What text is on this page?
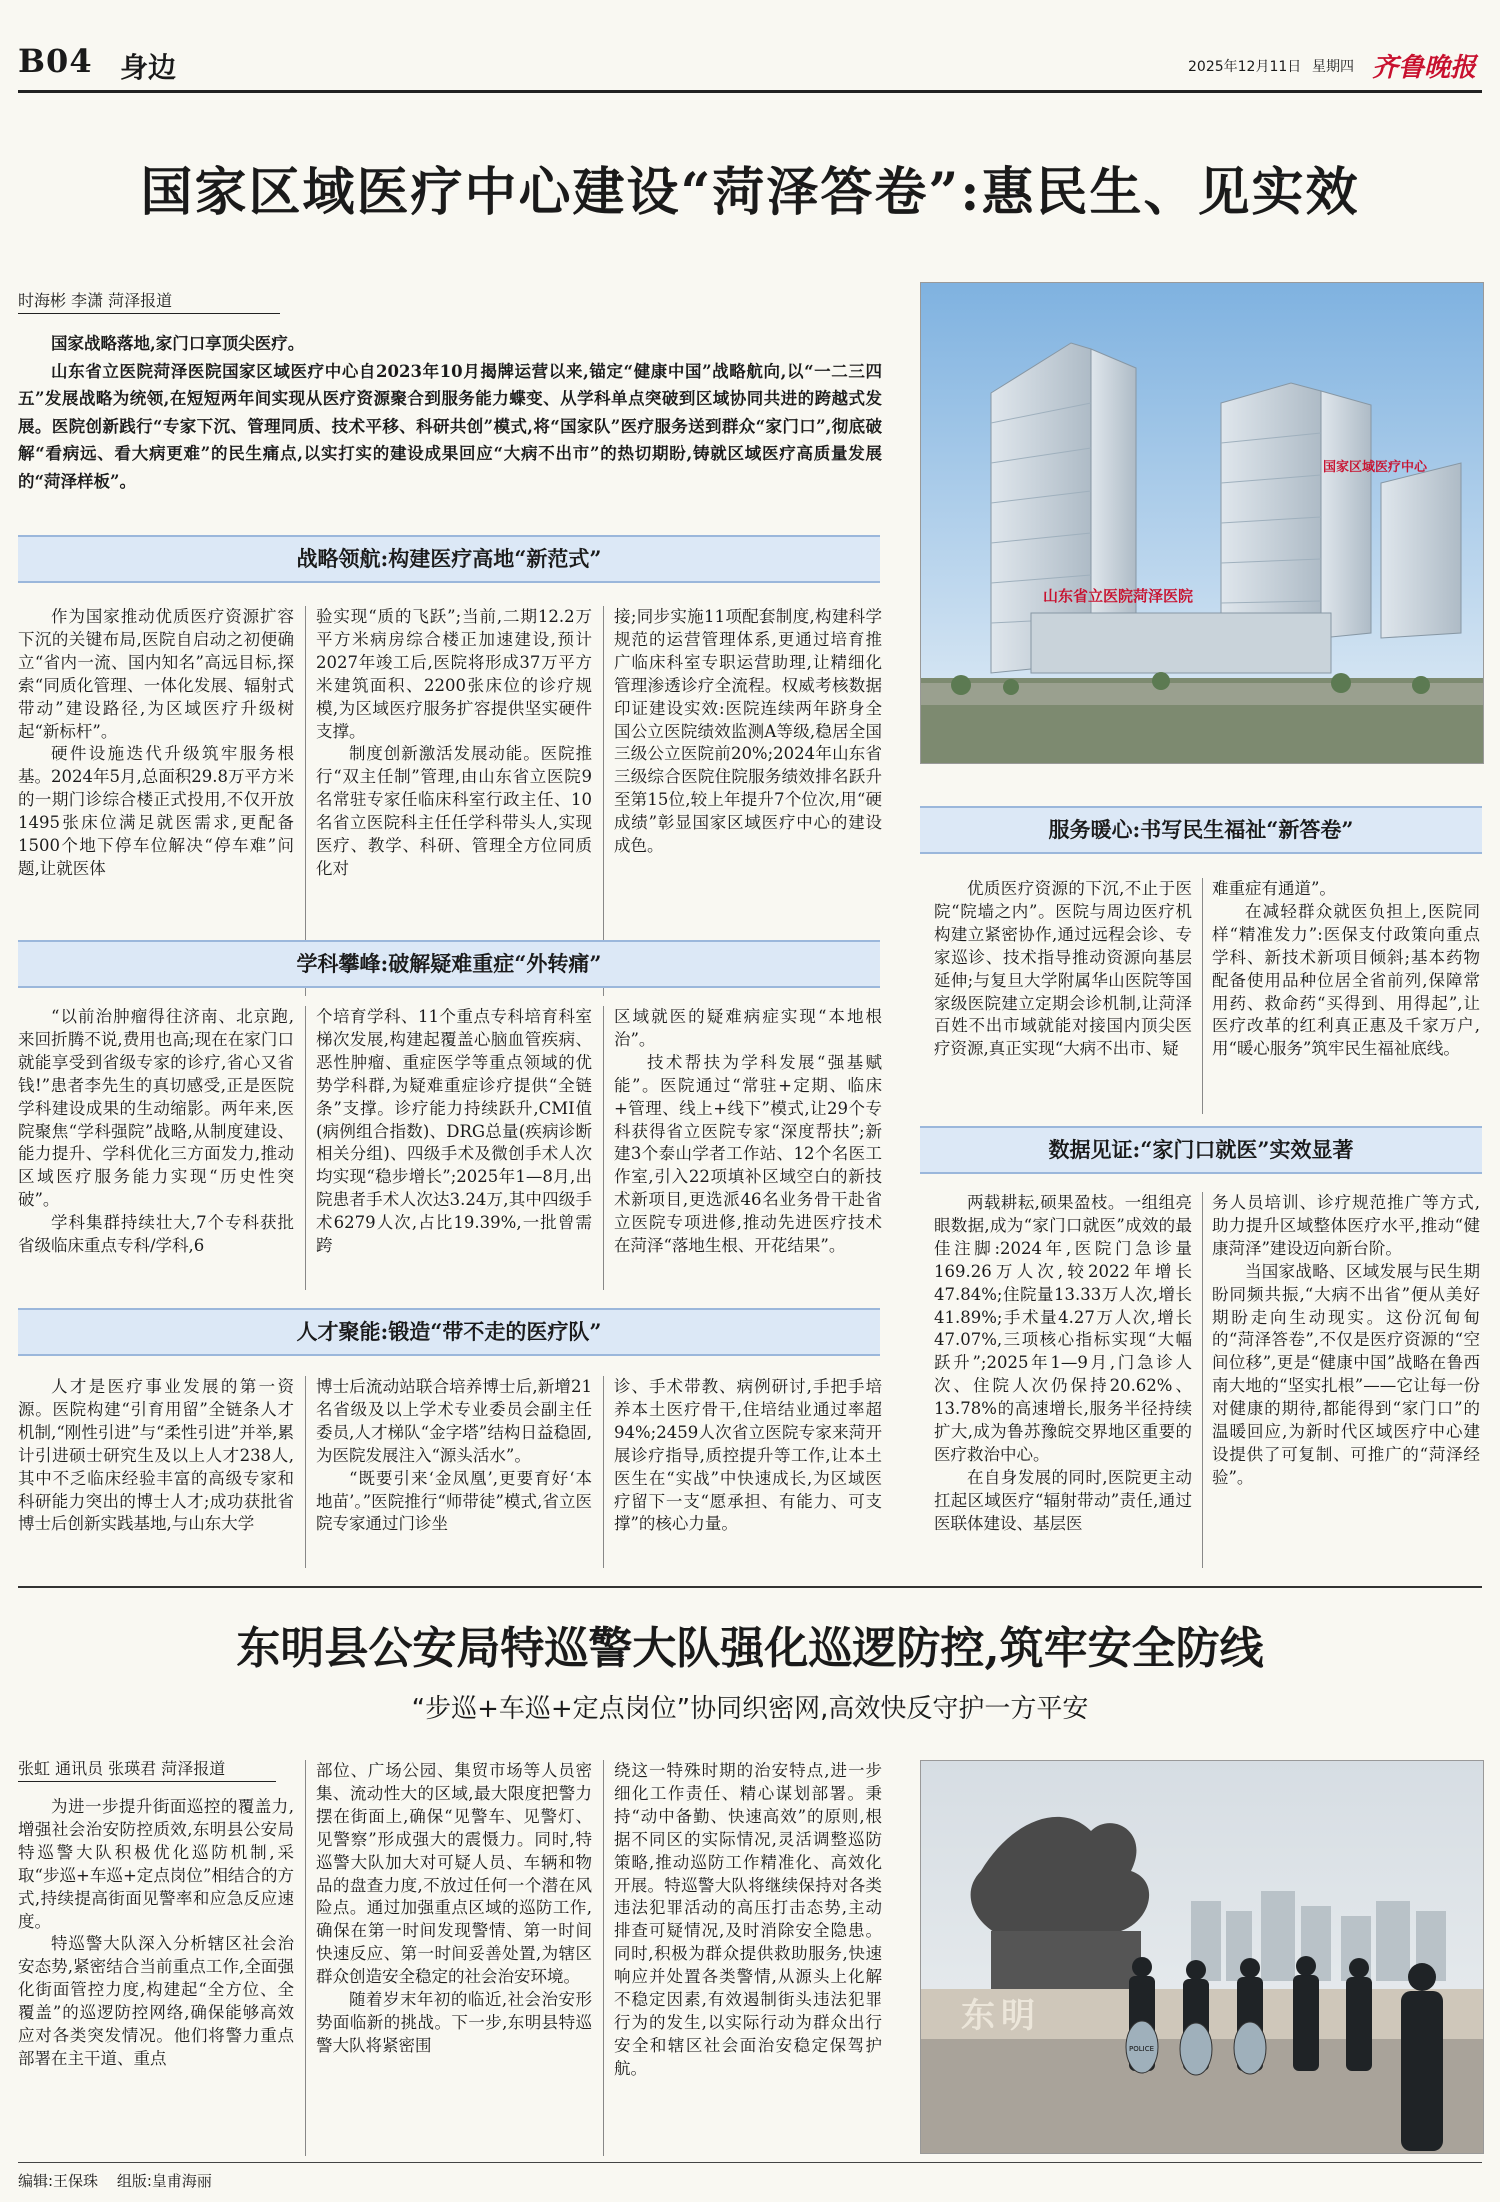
B04 身边	2025年12月11日 星期四 齐鲁晚报
国家区域医疗中心建设“菏泽答卷”:惠民生、见实效
时海彬 李潇 菏泽报道

国家战略落地,家门口享顶尖医疗。

山东省立医院菏泽医院国家区域医疗中心自2023年10月揭牌运营以来,锚定“健康中国”战略航向,以“一二三四五”发展战略为统领,在短短两年间实现从医疗资源聚合到服务能力蝶变、从学科单点突破到区域协同共进的跨越式发展。医院创新践行“专家下沉、管理同质、技术平移、科研共创”模式,将“国家队”医疗服务送到群众“家门口”,彻底破解“看病远、看大病更难”的民生痛点,以实打实的建设成果回应“大病不出市”的热切期盼,铸就区域医疗高质量发展的“菏泽样板”。

山东省立医院菏泽医院
国家区域医疗中心
战略领航:构建医疗高地“新范式”

作为国家推动优质医疗资源扩容下沉的关键布局,医院自启动之初便确立“省内一流、国内知名”高远目标,探索“同质化管理、一体化发展、辐射式带动”建设路径,为区域医疗升级树起“新标杆”。

硬件设施迭代升级筑牢服务根基。2024年5月,总面积29.8万平方米的一期门诊综合楼正式投用,不仅开放1495张床位满足就医需求,更配备1500个地下停车位解决“停车难”问题,让就医体

验实现“质的飞跃”;当前,二期12.2万平方米病房综合楼正加速建设,预计2027年竣工后,医院将形成37万平方米建筑面积、2200张床位的诊疗规模,为区域医疗服务扩容提供坚实硬件支撑。

制度创新激活发展动能。医院推行“双主任制”管理,由山东省立医院9名常驻专家任临床科室行政主任、10名省立医院科主任任学科带头人,实现医疗、教学、科研、管理全方位同质化对

接;同步实施11项配套制度,构建科学规范的运营管理体系,更通过培育推广临床科室专职运营助理,让精细化管理渗透诊疗全流程。权威考核数据印证建设实效:医院连续两年跻身全国公立医院绩效监测A等级,稳居全国三级公立医院前20%;2024年山东省三级综合医院住院服务绩效排名跃升至第15位,较上年提升7个位次,用“硬成绩”彰显国家区域医疗中心的建设成色。

学科攀峰:破解疑难重症“外转痛”

“以前治肿瘤得往济南、北京跑,来回折腾不说,费用也高;现在在家门口就能享受到省级专家的诊疗,省心又省钱!”患者李先生的真切感受,正是医院学科建设成果的生动缩影。两年来,医院聚焦“学科强院”战略,从制度建设、能力提升、学科优化三方面发力,推动区域医疗服务能力实现“历史性突破”。

学科集群持续壮大,7个专科获批省级临床重点专科/学科,6

个培育学科、11个重点专科培育科室梯次发展,构建起覆盖心脑血管疾病、恶性肿瘤、重症医学等重点领域的优势学科群,为疑难重症诊疗提供“全链条”支撑。诊疗能力持续跃升,CMI值(病例组合指数)、DRG总量(疾病诊断相关分组)、四级手术及微创手术人次均实现“稳步增长”;2025年1—8月,出院患者手术人次达3.24万,其中四级手术6279人次,占比19.39%,一批曾需跨

区域就医的疑难病症实现“本地根治”。

技术帮扶为学科发展“强基赋能”。医院通过“常驻+定期、临床+管理、线上+线下”模式,让29个专科获得省立医院专家“深度帮扶”;新建3个泰山学者工作站、12个名医工作室,引入22项填补区域空白的新技术新项目,更选派46名业务骨干赴省立医院专项进修,推动先进医疗技术在菏泽“落地生根、开花结果”。

人才聚能:锻造“带不走的医疗队”

人才是医疗事业发展的第一资源。医院构建“引育用留”全链条人才机制,“刚性引进”与“柔性引进”并举,累计引进硕士研究生及以上人才238人,其中不乏临床经验丰富的高级专家和科研能力突出的博士人才;成功获批省博士后创新实践基地,与山东大学

博士后流动站联合培养博士后,新增21名省级及以上学术专业委员会副主任委员,人才梯队“金字塔”结构日益稳固,为医院发展注入“源头活水”。

“既要引来‘金凤凰’,更要育好‘本地苗’。”医院推行“师带徒”模式,省立医院专家通过门诊坐

诊、手术带教、病例研讨,手把手培养本土医疗骨干,住培结业通过率超94%;2459人次省立医院专家来菏开展诊疗指导,质控提升等工作,让本土医生在“实战”中快速成长,为区域医疗留下一支“愿承担、有能力、可支撑”的核心力量。

服务暖心:书写民生福祉“新答卷”

优质医疗资源的下沉,不止于医院“院墙之内”。医院与周边医疗机构建立紧密协作,通过远程会诊、专家巡诊、技术指导推动资源向基层延伸;与复旦大学附属华山医院等国家级医院建立定期会诊机制,让菏泽百姓不出市域就能对接国内顶尖医疗资源,真正实现“大病不出市、疑

难重症有通道”。

在减轻群众就医负担上,医院同样“精准发力”:医保支付政策向重点学科、新技术新项目倾斜;基本药物配备使用品种位居全省前列,保障常用药、救命药“买得到、用得起”,让医疗改革的红利真正惠及千家万户,用“暖心服务”筑牢民生福祉底线。

数据见证:“家门口就医”实效显著

两载耕耘,硕果盈枝。一组组亮眼数据,成为“家门口就医”成效的最佳注脚:2024年,医院门急诊量169.26万人次,较2022年增长47.84%;住院量13.33万人次,增长41.89%;手术量4.27万人次,增长47.07%,三项核心指标实现“大幅跃升”;2025年1—9月,门急诊人次、住院人次仍保持20.62%、13.78%的高速增长,服务半径持续扩大,成为鲁苏豫皖交界地区重要的医疗救治中心。

在自身发展的同时,医院更主动扛起区域医疗“辐射带动”责任,通过医联体建设、基层医

务人员培训、诊疗规范推广等方式,助力提升区域整体医疗水平,推动“健康菏泽”建设迈向新台阶。

当国家战略、区域发展与民生期盼同频共振,“大病不出省”便从美好期盼走向生动现实。这份沉甸甸的“菏泽答卷”,不仅是医疗资源的“空间位移”,更是“健康中国”战略在鲁西南大地的“坚实扎根”——它让每一份对健康的期待,都能得到“家门口”的温暖回应,为新时代区域医疗中心建设提供了可复制、可推广的“菏泽经验”。

东明县公安局特巡警大队强化巡逻防控,筑牢安全防线
“步巡+车巡+定点岗位”协同织密网,高效快反守护一方平安
张虹 通讯员 张瑛君 菏泽报道

为进一步提升街面巡控的覆盖力,增强社会治安防控质效,东明县公安局特巡警大队积极优化巡防机制,采取“步巡+车巡+定点岗位”相结合的方式,持续提高街面见警率和应急反应速度。

特巡警大队深入分析辖区社会治安态势,紧密结合当前重点工作,全面强化街面管控力度,构建起“全方位、全覆盖”的巡逻防控网络,确保能够高效应对各类突发情况。他们将警力重点部署在主干道、重点

部位、广场公园、集贸市场等人员密集、流动性大的区域,最大限度把警力摆在街面上,确保“见警车、见警灯、见警察”形成强大的震慑力。同时,特巡警大队加大对可疑人员、车辆和物品的盘查力度,不放过任何一个潜在风险点。通过加强重点区域的巡防工作,确保在第一时间发现警情、第一时间快速反应、第一时间妥善处置,为辖区群众创造安全稳定的社会治安环境。

随着岁末年初的临近,社会治安形势面临新的挑战。下一步,东明县特巡警大队将紧密围

绕这一特殊时期的治安特点,进一步细化工作责任、精心谋划部署。秉持“动中备勤、快速高效”的原则,根据不同区的实际情况,灵活调整巡防策略,推动巡防工作精准化、高效化开展。特巡警大队将继续保持对各类违法犯罪活动的高压打击态势,主动排查可疑情况,及时消除安全隐患。同时,积极为群众提供救助服务,快速响应并处置各类警情,从源头上化解不稳定因素,有效遏制街头违法犯罪行为的发生,以实际行动为群众出行安全和辖区社会面治安稳定保驾护航。

东明
POLICE
编辑:王保珠 组版:皇甫海丽
